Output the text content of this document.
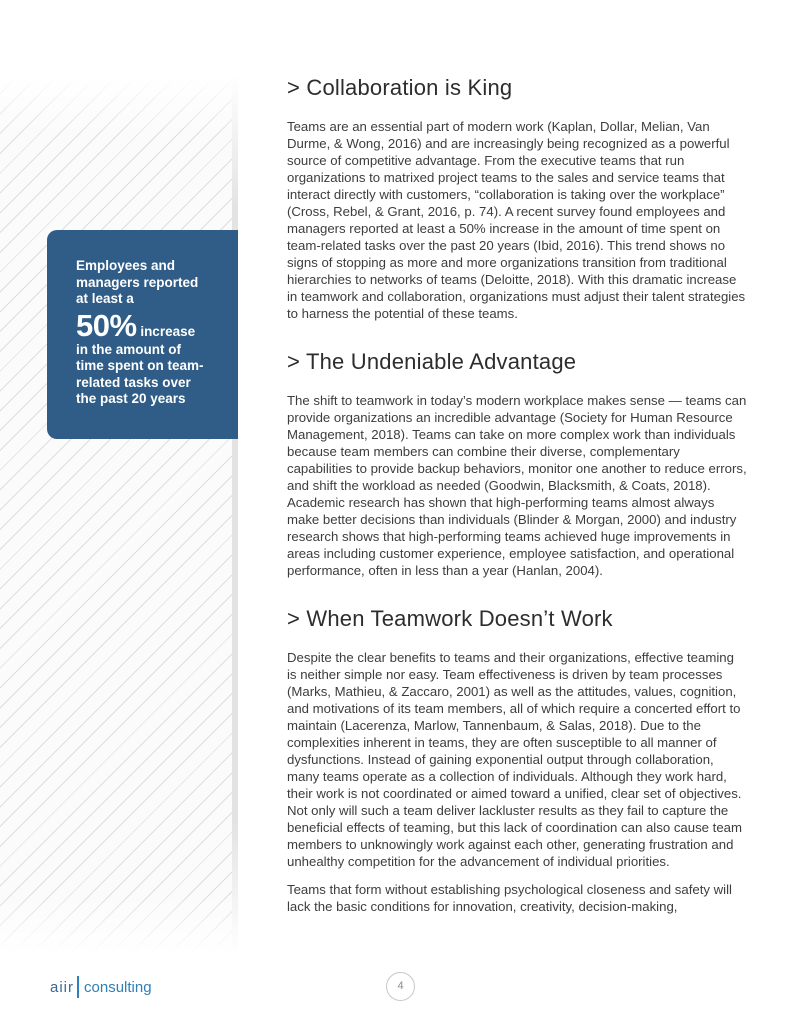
Employees and
managers reported
at least a
50% increase
in the amount of
time spent on team-
related tasks over
the past 20 years
> Collaboration is King

Teams are an essential part of modern work (Kaplan, Dollar, Melian, Van Durme, & Wong, 2016) and are increasingly being recognized as a powerful source of competitive advantage. From the executive teams that run organizations to matrixed project teams to the sales and service teams that interact directly with customers, “collaboration is taking over the workplace” (Cross, Rebel, & Grant, 2016, p. 74). A recent survey found employees and managers reported at least a 50% increase in the amount of time spent on team-related tasks over the past 20 years (Ibid, 2016). This trend shows no signs of stopping as more and more organizations transition from traditional hierarchies to networks of teams (Deloitte, 2018). With this dramatic increase in teamwork and collaboration, organizations must adjust their talent strategies to harness the potential of these teams.

> The Undeniable Advantage

The shift to teamwork in today’s modern workplace makes sense — teams can provide organizations an incredible advantage (Society for Human Resource Management, 2018). Teams can take on more complex work than individuals because team members can combine their diverse, complementary capabilities to provide backup behaviors, monitor one another to reduce errors, and shift the workload as needed (Goodwin, Blacksmith, & Coats, 2018). Academic research has shown that high-performing teams almost always make better decisions than individuals (Blinder & Morgan, 2000) and industry research shows that high-performing teams achieved huge improvements in areas including customer experience, employee satisfaction, and operational performance, often in less than a year (Hanlan, 2004).

> When Teamwork Doesn’t Work

Despite the clear benefits to teams and their organizations, effective teaming is neither simple nor easy. Team effectiveness is driven by team processes (Marks, Mathieu, & Zaccaro, 2001) as well as the attitudes, values, cognition, and motivations of its team members, all of which require a concerted effort to maintain (Lacerenza, Marlow, Tannenbaum, & Salas, 2018). Due to the complexities inherent in teams, they are often susceptible to all manner of dysfunctions. Instead of gaining exponential output through collaboration, many teams operate as a collection of individuals. Although they work hard, their work is not coordinated or aimed toward a unified, clear set of objectives. Not only will such a team deliver lackluster results as they fail to capture the beneficial effects of teaming, but this lack of coordination can also cause team members to unknowingly work against each other, generating frustration and unhealthy competition for the advancement of individual priorities.

Teams that form without establishing psychological closeness and safety will lack the basic conditions for innovation, creativity, decision-making,

aiir consulting	4
